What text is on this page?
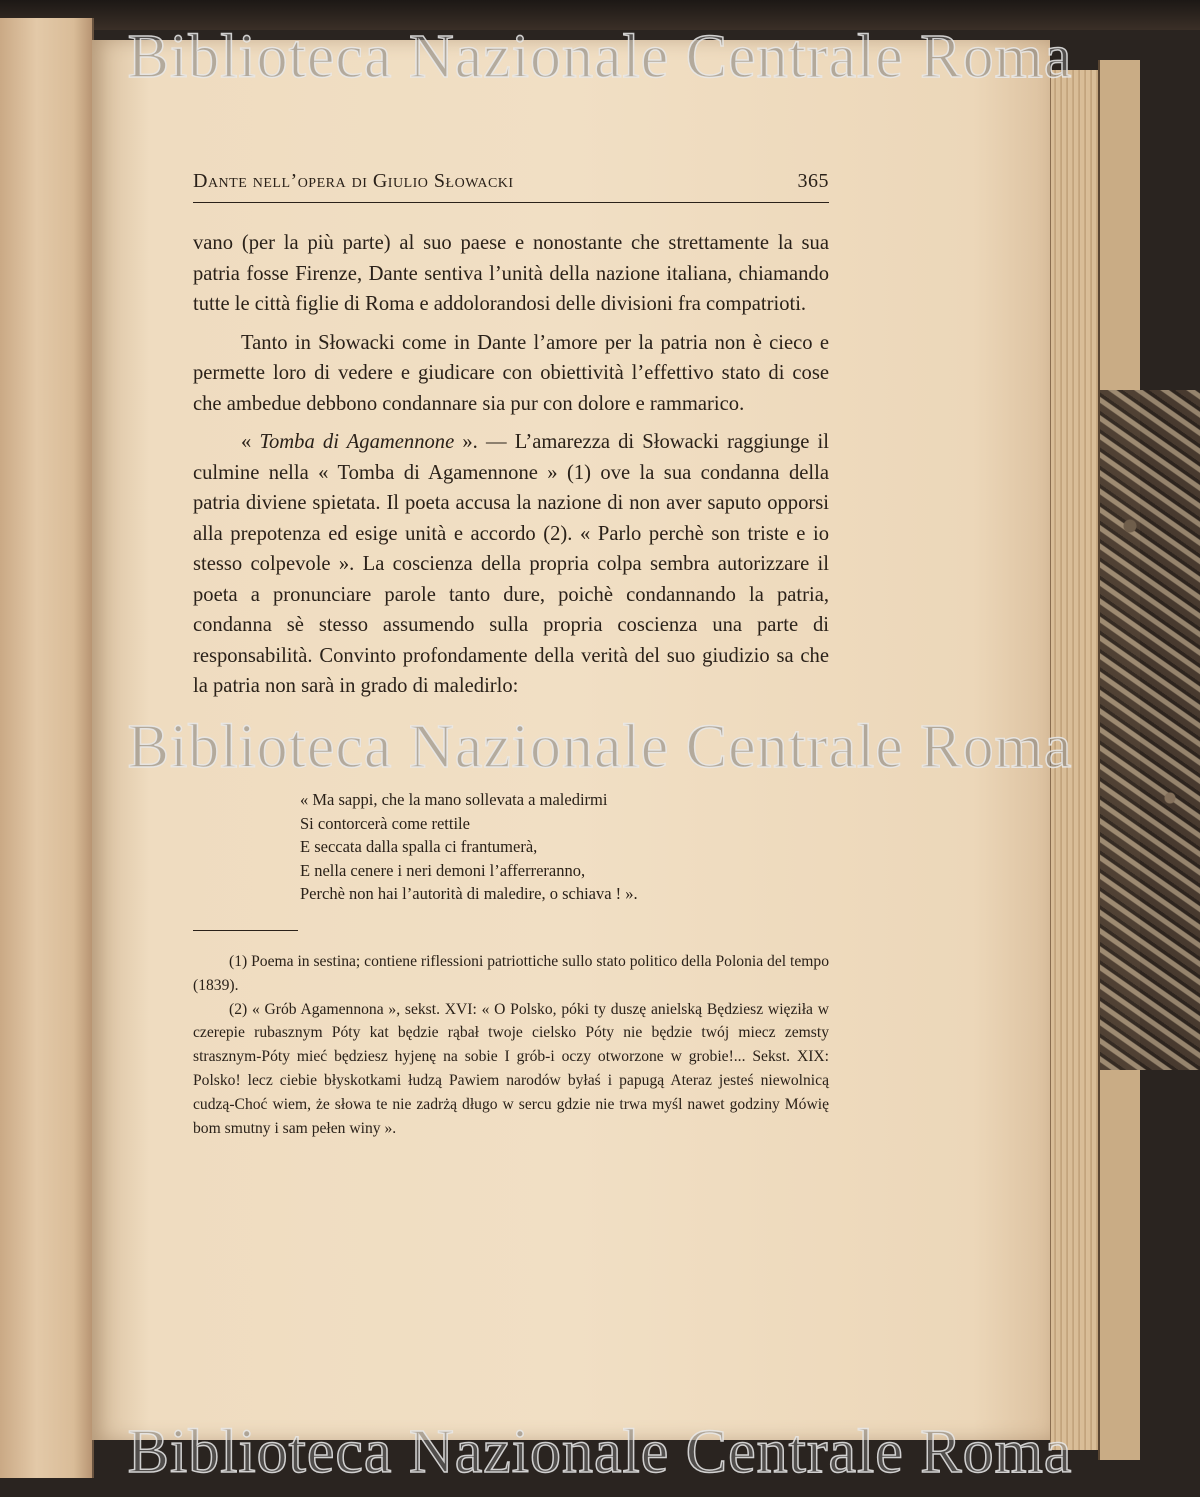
Dante nell’opera di Giulio Słowacki	365

vano (per la più parte) al suo paese e nonostante che strettamente la sua patria fosse Firenze, Dante sentiva l’unità della nazione italiana, chiamando tutte le città figlie di Roma e addolorandosi delle divisioni fra compatrioti.

Tanto in Słowacki come in Dante l’amore per la patria non è cieco e permette loro di vedere e giudicare con obiettività l’effettivo stato di cose che ambedue debbono condannare sia pur con dolore e rammarico.

« Tomba di Agamennone ». — L’amarezza di Słowacki raggiunge il culmine nella « Tomba di Agamennone » (1) ove la sua condanna della patria diviene spietata. Il poeta accusa la nazione di non aver saputo opporsi alla prepotenza ed esige unità e accordo (2). « Parlo perchè son triste e io stesso colpevole ». La coscienza della propria colpa sembra autorizzare il poeta a pronunciare parole tanto dure, poichè condannando la patria, condanna sè stesso assumendo sulla propria coscienza una parte di responsabilità. Convinto profondamente della verità del suo giudizio sa che la patria non sarà in grado di maledirlo:

« Ma sappi, che la mano sollevata a maledirmi
Si contorcerà come rettile
E seccata dalla spalla ci frantumerà,
E nella cenere i neri demoni l’afferreranno,
Perchè non hai l’autorità di maledire, o schiava ! ».

(1) Poema in sestina; contiene riflessioni patriottiche sullo stato politico della Polonia del tempo (1839).

(2) « Grób Agamennona », sekst. XVI: « O Polsko, póki ty duszę anielską Będziesz więziła w czerepie rubasznym Póty kat będzie rąbał twoje cielsko Póty nie będzie twój miecz zemsty strasznym-Póty mieć będziesz hyjenę na sobie I grób-i oczy otworzone w grobie!... Sekst. XIX: Polsko! lecz ciebie błyskotkami łudzą Pawiem narodów byłaś i papugą Ateraz jesteś niewolnicą cudzą-Choć wiem, że słowa te nie zadrżą długo w sercu gdzie nie trwa myśl nawet godziny Mówię bom smutny i sam pełen winy ».

Biblioteca Nazionale Centrale Roma
Biblioteca Nazionale Centrale Roma
Biblioteca Nazionale Centrale Roma
